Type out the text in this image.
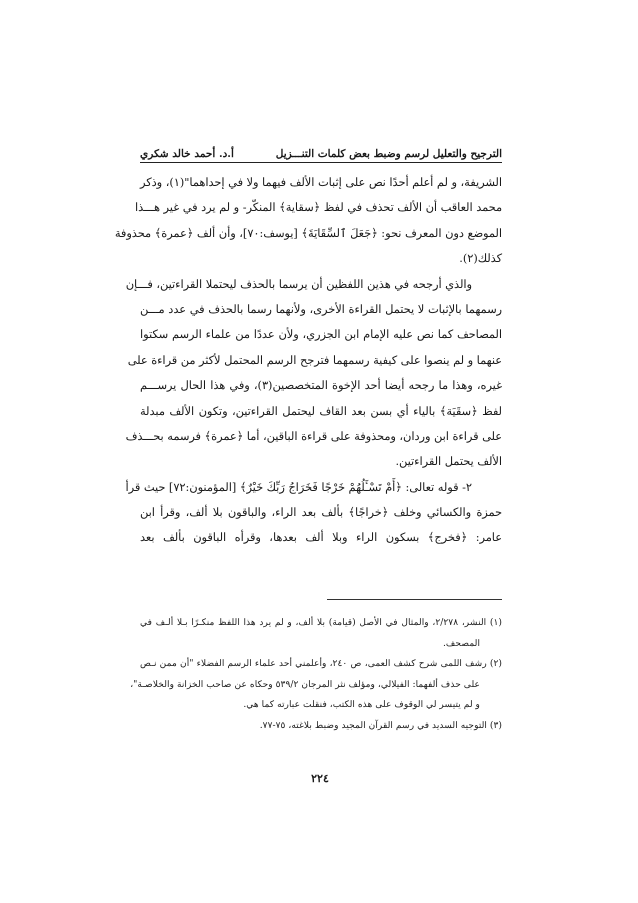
الترجيح والتعليل لرسم وضبط بعض كلمات التنـــزيل
أ.د. أحمد خالد شكري
الشريفة، و لم أعلم أحدًا نص على إثبات الألف فيهما ولا في إحداهما"(١)، وذكر
محمد العاقب أن الألف تحذف في لفظ ﴿سقاية﴾ المنكّر- و لم يرد في غير هـــذا
الموضع دون المعرف نحو: ﴿جَعَلَ ٱلسِّقَايَةَ﴾ [يوسف:٧٠]، وأن ألف ﴿عمرة﴾ محذوفة
كذلك(٢).
والذي أرجحه في هذين اللفظين أن يرسما بالحذف ليحتملا القراءتين، فـــإن
رسمهما بالإثبات لا يحتمل القراءة الأخرى، ولأنهما رسما بالحذف في عدد مـــن
المصاحف كما نص عليه الإمام ابن الجزري، ولأن عددًا من علماء الرسم سكتوا
عنهما و لم ينصوا على كيفية رسمهما فترجح الرسم المحتمل لأكثر من قراءة على
غيره، وهذا ما رجحه أيضا أحد الإخوة المتخصصين(٣)، وفي هذا الحال يرســـم
لفظ ﴿سقَيَة﴾ بالياء أي بسن بعد القاف ليحتمل القراءتين، وتكون الألف مبدلة
على قراءة ابن وردان، ومحذوفة على قراءة الباقين، أما ﴿عمرة﴾ فرسمه بحـــذف
الألف يحتمل القراءتين.
٢- قوله تعالى: ﴿أَمْ تَسْـَٔلُهُمْ خَرْجًا فَخَرَاجُ رَبِّكَ خَيْرٌ﴾ [المؤمنون:٧٢] حيث قرأ
حمزة والكسائي وخلف ﴿خراجًا﴾ بألف بعد الراء، والباقون بلا ألف، وقرأ ابن
عامر: ﴿فخرج﴾ بسكون الراء وبلا ألف بعدها، وقرأه الباقون بألف بعد
(١) النشر، ٢/٢٧٨، والمثال في الأصل (قيامة) بلا ألف، و لم يرد هذا اللفظ منكـرًا بـلا ألـف في
المصحف.
(٢) رشف اللمى شرح كشف العمى، ص ٢٤٠، وأعلمني أحد علماء الرسم الفضلاء "أن ممن نـص
على حذف ألفهما: الفيلالي، ومؤلف نثر المرجان ٥٣٩/٢ وحكاه عن صاحب الخزانة والخلاصـة"،
و لم يتيسر لي الوقوف على هذه الكتب، فنقلت عبارته كما هي.
(٣) التوجيه السديد في رسم القرآن المجيد وضبط بلاغته، ٧٥-٧٧.
٢٢٤
